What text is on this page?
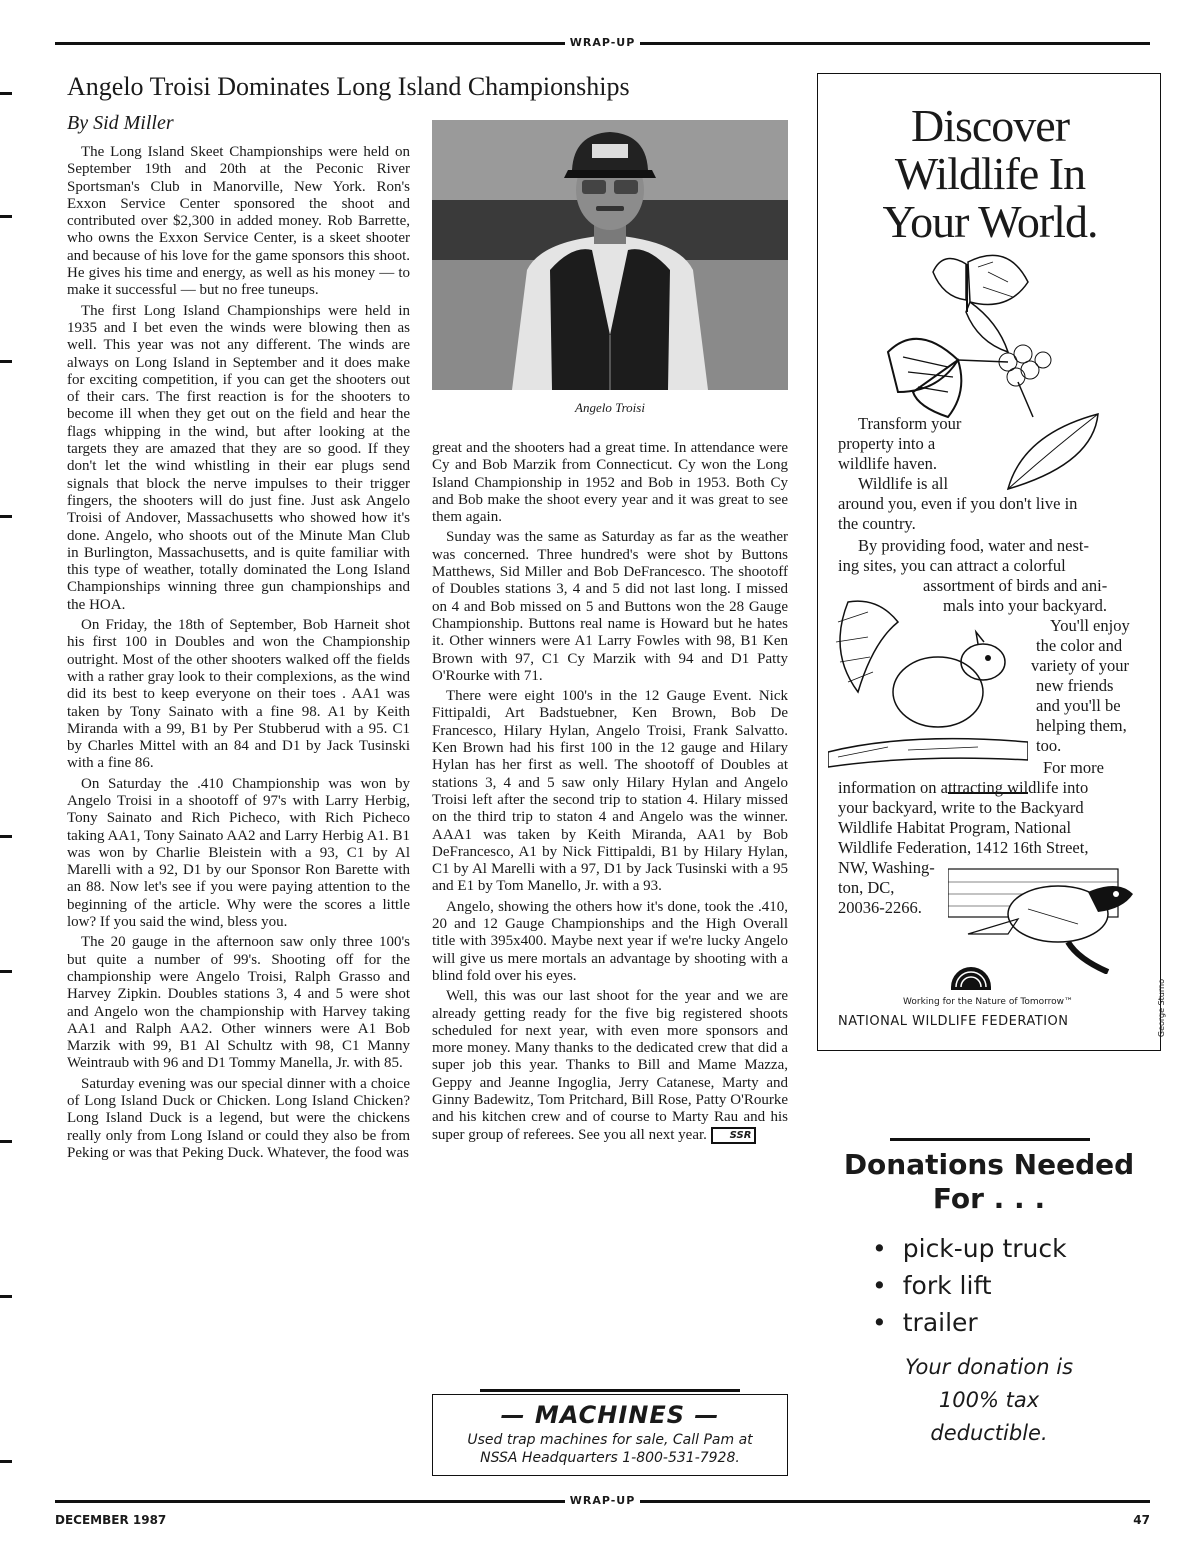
WRAP-UP
Angelo Troisi Dominates Long Island Championships
By Sid Miller

The Long Island Skeet Championships were held on September 19th and 20th at the Peconic River Sportsman's Club in Manorville, New York. Ron's Exxon Service Center sponsored the shoot and contributed over $2,300 in added money. Rob Barrette, who owns the Exxon Service Center, is a skeet shooter and because of his love for the game sponsors this shoot. He gives his time and energy, as well as his money — to make it successful — but no free tuneups.

The first Long Island Championships were held in 1935 and I bet even the winds were blowing then as well. This year was not any different. The winds are always on Long Island in September and it does make for exciting competition, if you can get the shooters out of their cars. The first reaction is for the shooters to become ill when they get out on the field and hear the flags whipping in the wind, but after looking at the targets they are amazed that they are so good. If they don't let the wind whistling in their ear plugs send signals that block the nerve impulses to their trigger fingers, the shooters will do just fine. Just ask Angelo Troisi of Andover, Massachusetts who showed how it's done. Angelo, who shoots out of the Minute Man Club in Burlington, Massachusetts, and is quite familiar with this type of weather, totally dominated the Long Island Championships winning three gun championships and the HOA.

On Friday, the 18th of September, Bob Harneit shot his first 100 in Doubles and won the Championship outright. Most of the other shooters walked off the fields with a rather gray look to their complexions, as the wind did its best to keep everyone on their toes . AA1 was taken by Tony Sainato with a fine 98. A1 by Keith Miranda with a 99, B1 by Per Stubberud with a 95. C1 by Charles Mittel with an 84 and D1 by Jack Tusinski with a fine 86.

On Saturday the .410 Championship was won by Angelo Troisi in a shootoff of 97's with Larry Herbig, Tony Sainato and Rich Picheco, with Rich Picheco taking AA1, Tony Sainato AA2 and Larry Herbig A1. B1 was won by Charlie Bleistein with a 93, C1 by Al Marelli with a 92, D1 by our Sponsor Ron Barette with an 88. Now let's see if you were paying attention to the beginning of the article. Why were the scores a little low? If you said the wind, bless you.

The 20 gauge in the afternoon saw only three 100's but quite a number of 99's. Shooting off for the championship were Angelo Troisi, Ralph Grasso and Harvey Zipkin. Doubles stations 3, 4 and 5 were shot and Angelo won the championship with Harvey taking AA1 and Ralph AA2. Other winners were A1 Bob Marzik with 99, B1 Al Schultz with 98, C1 Manny Weintraub with 96 and D1 Tommy Manella, Jr. with 85.

Saturday evening was our special dinner with a choice of Long Island Duck or Chicken. Long Island Chicken? Long Island Duck is a legend, but were the chickens really only from Long Island or could they also be from Peking or was that Peking Duck. Whatever, the food was

Angelo Troisi

great and the shooters had a great time. In attendance were Cy and Bob Marzik from Connecticut. Cy won the Long Island Championship in 1952 and Bob in 1953. Both Cy and Bob make the shoot every year and it was great to see them again.

Sunday was the same as Saturday as far as the weather was concerned. Three hundred's were shot by Buttons Matthews, Sid Miller and Bob DeFrancesco. The shootoff of Doubles stations 3, 4 and 5 did not last long. I missed on 4 and Bob missed on 5 and Buttons won the 28 Gauge Championship. Buttons real name is Howard but he hates it. Other winners were A1 Larry Fowles with 98, B1 Ken Brown with 97, C1 Cy Marzik with 94 and D1 Patty O'Rourke with 71.

There were eight 100's in the 12 Gauge Event. Nick Fittipaldi, Art Badstuebner, Ken Brown, Bob De Francesco, Hilary Hylan, Angelo Troisi, Frank Salvatto. Ken Brown had his first 100 in the 12 gauge and Hilary Hylan has her first as well. The shootoff of Doubles at stations 3, 4 and 5 saw only Hilary Hylan and Angelo Troisi left after the second trip to station 4. Hilary missed on the third trip to staton 4 and Angelo was the winner. AAA1 was taken by Keith Miranda, AA1 by Bob DeFrancesco, A1 by Nick Fittipaldi, B1 by Hilary Hylan, C1 by Al Marelli with a 97, D1 by Jack Tusinski with a 95 and E1 by Tom Manello, Jr. with a 93.

Angelo, showing the others how it's done, took the .410, 20 and 12 Gauge Championships and the High Overall title with 395x400. Maybe next year if we're lucky Angelo will give us mere mortals an advantage by shooting with a blind fold over his eyes.

Well, this was our last shoot for the year and we are already getting ready for the five big registered shoots scheduled for next year, with even more sponsors and more money. Many thanks to the dedicated crew that did a super job this year. Thanks to Bill and Mame Mazza, Geppy and Jeanne Ingoglia, Jerry Catanese, Marty and Ginny Badewitz, Tom Pritchard, Bill Rose, Patty O'Rourke and his kitchen crew and of course to Marty Rau and his super group of referees. See you all next year. SSR

— MACHINES —
Used trap machines for sale, Call Pam at
NSSA Headquarters 1-800-531-7928.
Discover
Wildlife In
Your World.
Transform your
property into a
wildlife haven.
Wildlife is all
around you, even if you don't live in
the country.
By providing food, water and nest-
ing sites, you can attract a colorful
assortment of birds and ani-
mals into your backyard.
You'll enjoy
the color and
variety of your
new friends
and you'll be
helping them,
too.
For more
information on attracting wildlife into
your backyard, write to the Backyard
Wildlife Habitat Program, National
Wildlife Federation, 1412 16th Street,
NW, Washing-
ton, DC,
20036-2266.
Working for the Nature of Tomorrow™
NATIONAL WILDLIFE FEDERATION	George Sturno
Donations Needed
For . . .
• pick-up truck
• fork lift
• trailer
Your donation is
100% tax
deductible.
WRAP-UP
DECEMBER 1987	47
